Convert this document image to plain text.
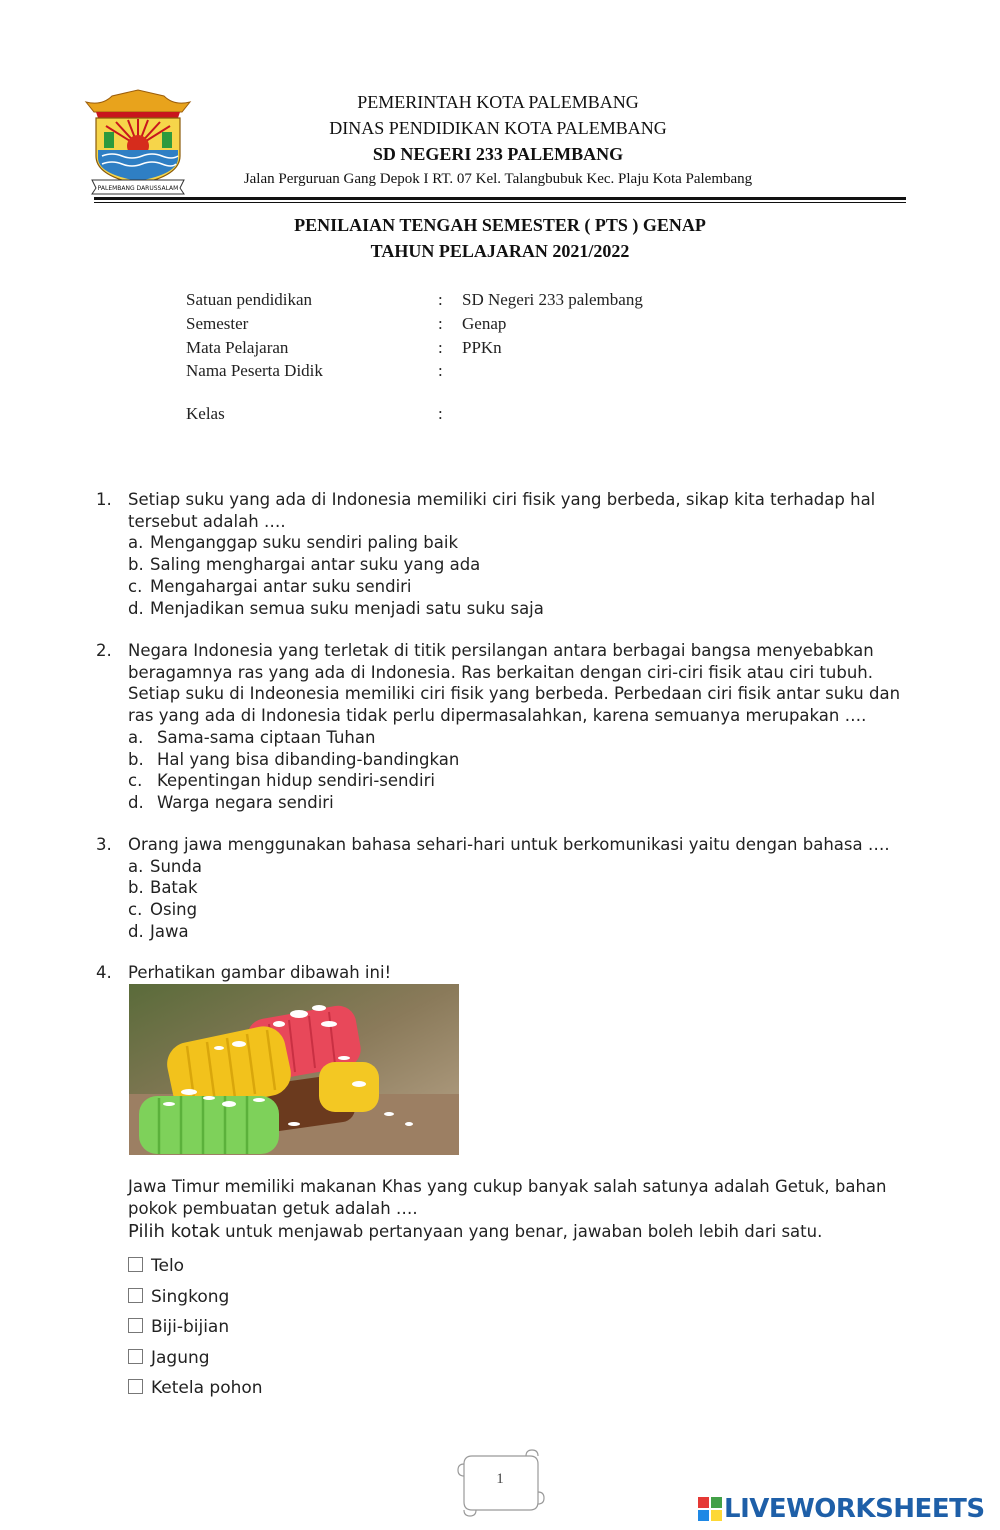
PALEMBANG DARUSSALAM
PEMERINTAH KOTA PALEMBANG
DINAS PENDIDIKAN KOTA PALEMBANG
SD NEGERI 233 PALEMBANG
Jalan Perguruan Gang Depok I RT. 07 Kel. Talangbubuk Kec. Plaju Kota Palembang
PENILAIAN TENGAH SEMESTER ( PTS ) GENAP
TAHUN PELAJARAN 2021/2022
Satuan pendidikan	: SD Negeri 233 palembang
Semester	: Genap
Mata Pelajaran	: PPKn
Nama Peserta Didik	:
Kelas	:
1. Setiap suku yang ada di Indonesia memiliki ciri fisik yang berbeda, sikap kita terhadap hal tersebut adalah ….
a. Menganggap suku sendiri paling baik
b. Saling menghargai antar suku yang ada
c. Mengahargai antar suku sendiri
d. Menjadikan semua suku menjadi satu suku saja
2. Negara Indonesia yang terletak di titik persilangan antara berbagai bangsa menyebabkan beragamnya ras yang ada di Indonesia. Ras berkaitan dengan ciri-ciri fisik atau ciri tubuh. Setiap suku di Indeonesia memiliki ciri fisik yang berbeda. Perbedaan ciri fisik antar suku dan ras yang ada di Indonesia tidak perlu dipermasalahkan, karena semuanya merupakan ….
a. Sama-sama ciptaan Tuhan
b. Hal yang bisa dibanding-bandingkan
c. Kepentingan hidup sendiri-sendiri
d. Warga negara sendiri
3. Orang jawa menggunakan bahasa sehari-hari untuk berkomunikasi yaitu dengan bahasa ….
a. Sunda
b. Batak
c. Osing
d. Jawa
4. Perhatikan gambar dibawah ini!
Jawa Timur memiliki makanan Khas yang cukup banyak salah satunya adalah Getuk, bahan pokok pembuatan getuk adalah ….
Pilih kotak untuk menjawab pertanyaan yang benar, jawaban boleh lebih dari satu.
Telo
Singkong
Biji-bijian
Jagung
Ketela pohon
1
LIVEWORKSHEETS
